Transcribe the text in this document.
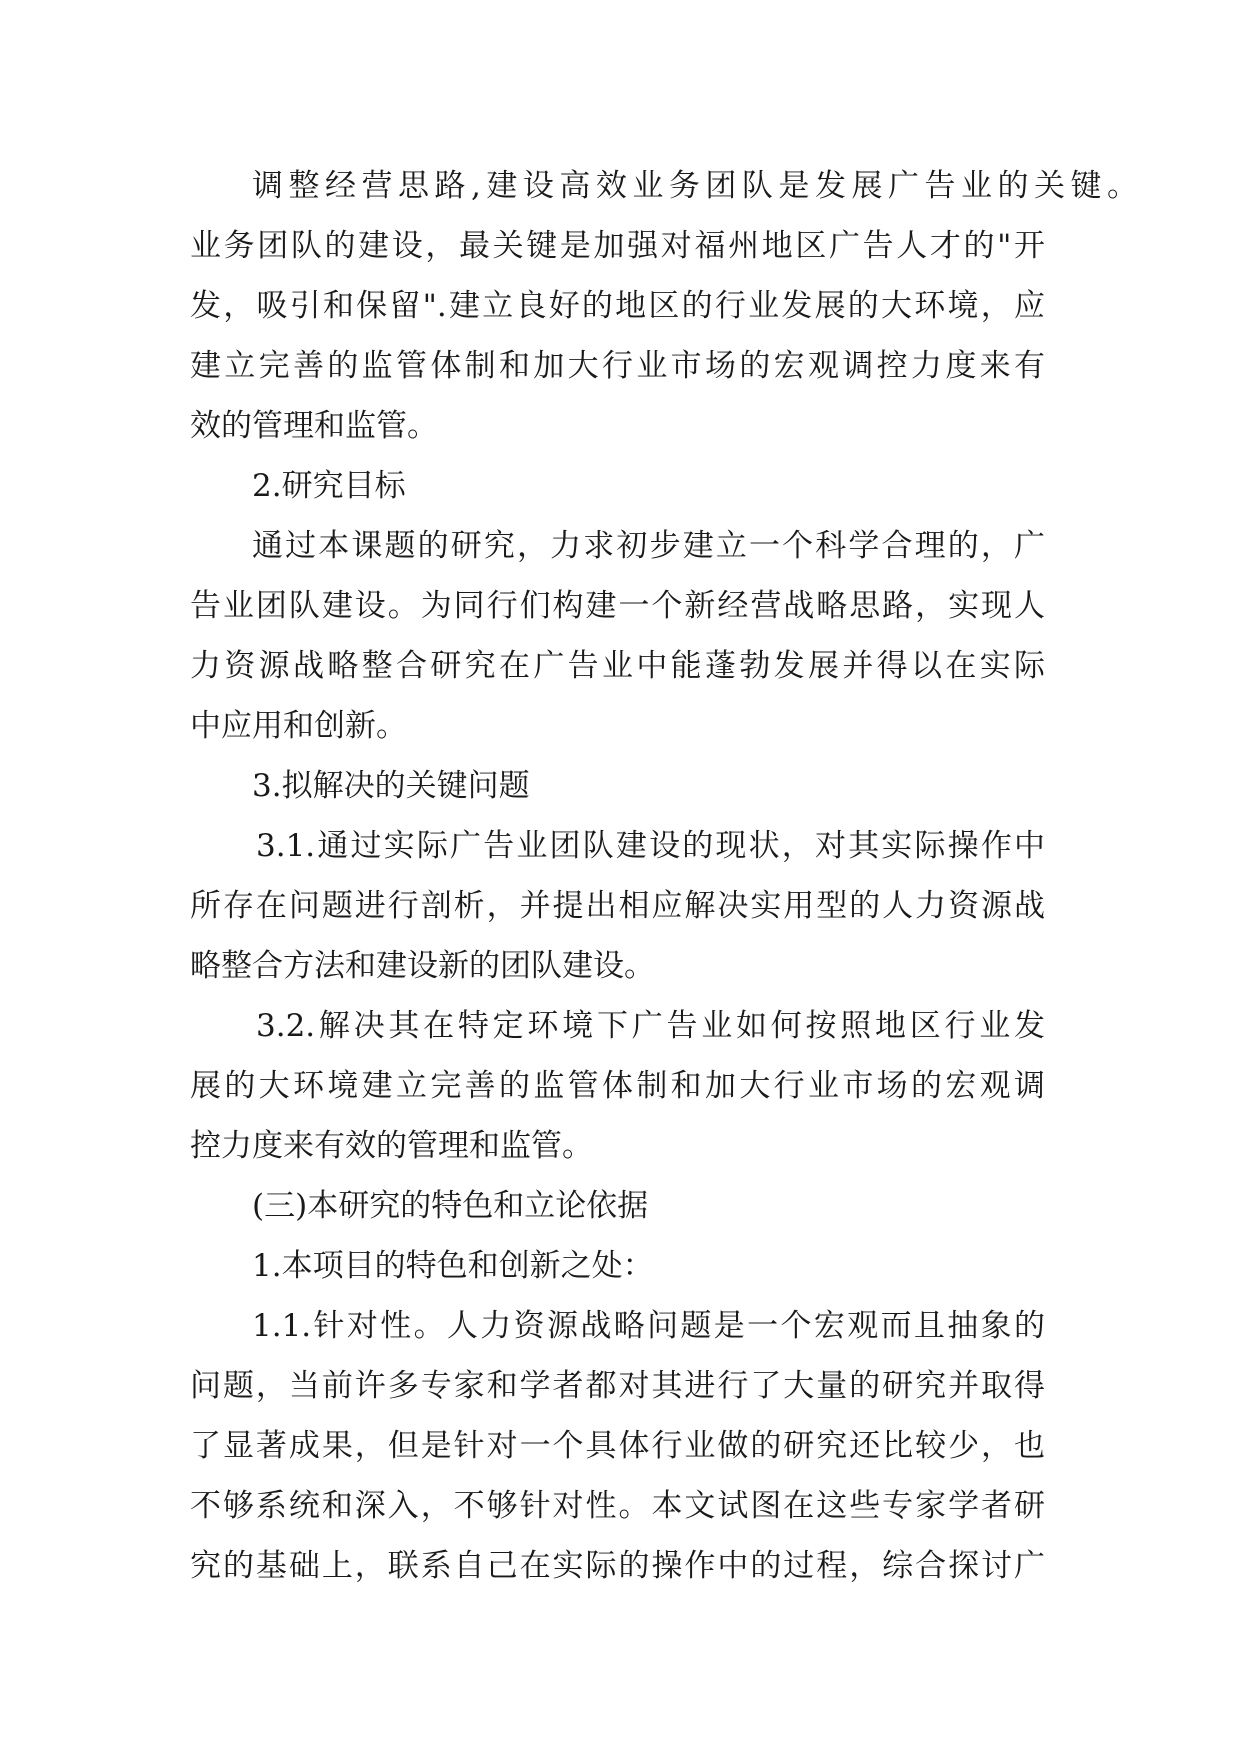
调整经营思路,建设高效业务团队是发展广告业的关键。
业务团队的建设，最关键是加强对福州地区广告人才的"开
发，吸引和保留".建立良好的地区的行业发展的大环境，应
建立完善的监管体制和加大行业市场的宏观调控力度来有
效的管理和监管。
2.研究目标
通过本课题的研究，力求初步建立一个科学合理的，广
告业团队建设。为同行们构建一个新经营战略思路，实现人
力资源战略整合研究在广告业中能蓬勃发展并得以在实际
中应用和创新。
3.拟解决的关键问题
3.1.通过实际广告业团队建设的现状，对其实际操作中
所存在问题进行剖析，并提出相应解决实用型的人力资源战
略整合方法和建设新的团队建设。
3.2.解决其在特定环境下广告业如何按照地区行业发
展的大环境建立完善的监管体制和加大行业市场的宏观调
控力度来有效的管理和监管。
(三)本研究的特色和立论依据
1.本项目的特色和创新之处：
1.1.针对性。人力资源战略问题是一个宏观而且抽象的
问题，当前许多专家和学者都对其进行了大量的研究并取得
了显著成果，但是针对一个具体行业做的研究还比较少，也
不够系统和深入，不够针对性。本文试图在这些专家学者研
究的基础上，联系自己在实际的操作中的过程，综合探讨广
